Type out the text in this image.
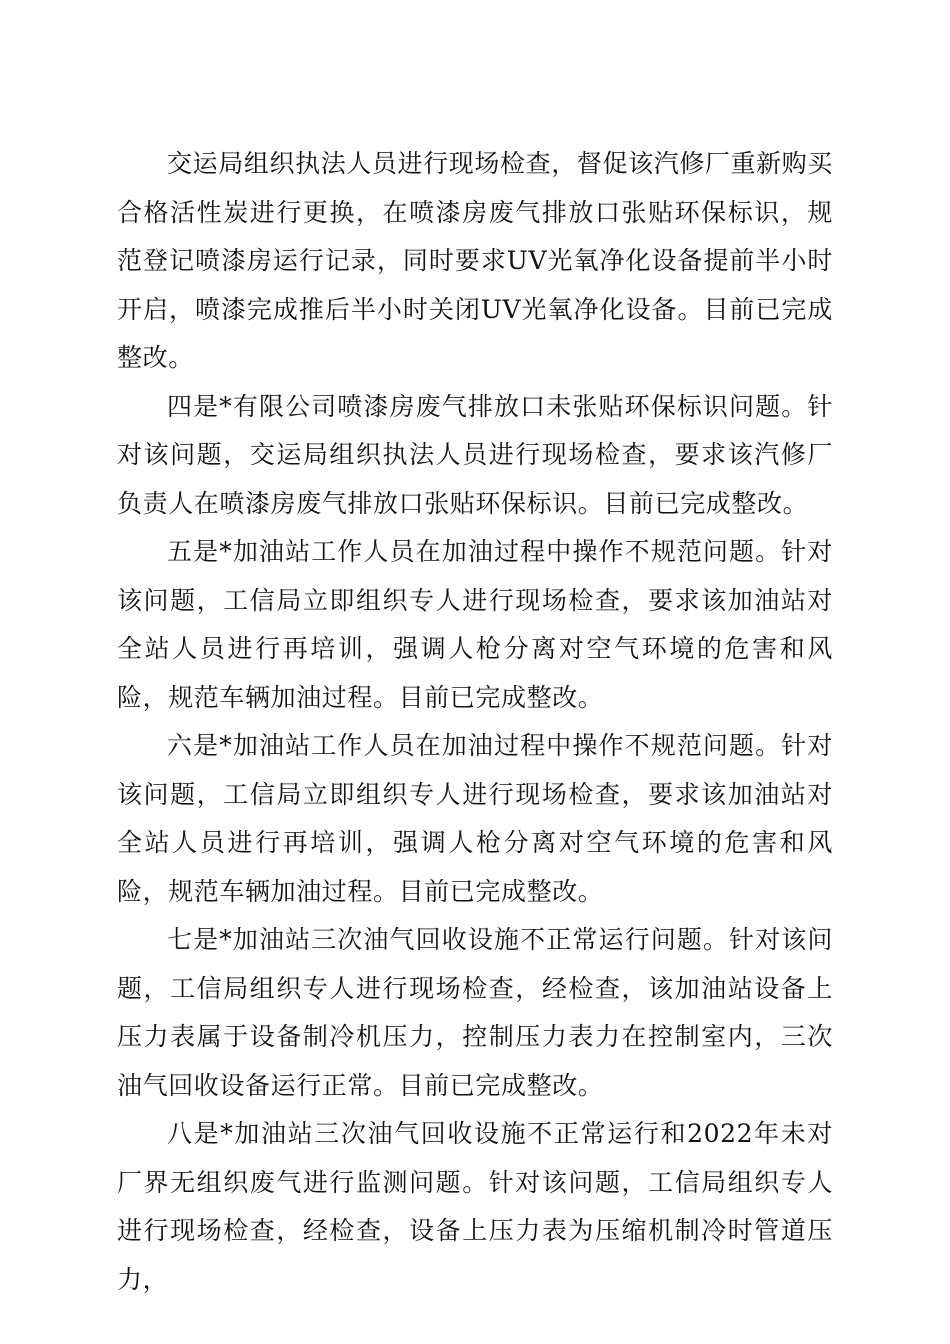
交运局组织执法人员进行现场检查，督促该汽修厂重新购买合格活性炭进行更换，在喷漆房废气排放口张贴环保标识，规范登记喷漆房运行记录，同时要求UV光氧净化设备提前半小时开启，喷漆完成推后半小时关闭UV光氧净化设备。目前已完成整改。

四是*有限公司喷漆房废气排放口未张贴环保标识问题。针对该问题，交运局组织执法人员进行现场检查，要求该汽修厂负责人在喷漆房废气排放口张贴环保标识。目前已完成整改。

五是*加油站工作人员在加油过程中操作不规范问题。针对该问题，工信局立即组织专人进行现场检查，要求该加油站对全站人员进行再培训，强调人枪分离对空气环境的危害和风险，规范车辆加油过程。目前已完成整改。

六是*加油站工作人员在加油过程中操作不规范问题。针对该问题，工信局立即组织专人进行现场检查，要求该加油站对全站人员进行再培训，强调人枪分离对空气环境的危害和风险，规范车辆加油过程。目前已完成整改。

七是*加油站三次油气回收设施不正常运行问题。针对该问题，工信局组织专人进行现场检查，经检查，该加油站设备上压力表属于设备制冷机压力，控制压力表力在控制室内，三次油气回收设备运行正常。目前已完成整改。

八是*加油站三次油气回收设施不正常运行和2022年未对厂界无组织废气进行监测问题。针对该问题，工信局组织专人进行现场检查，经检查，设备上压力表为压缩机制冷时管道压力，
